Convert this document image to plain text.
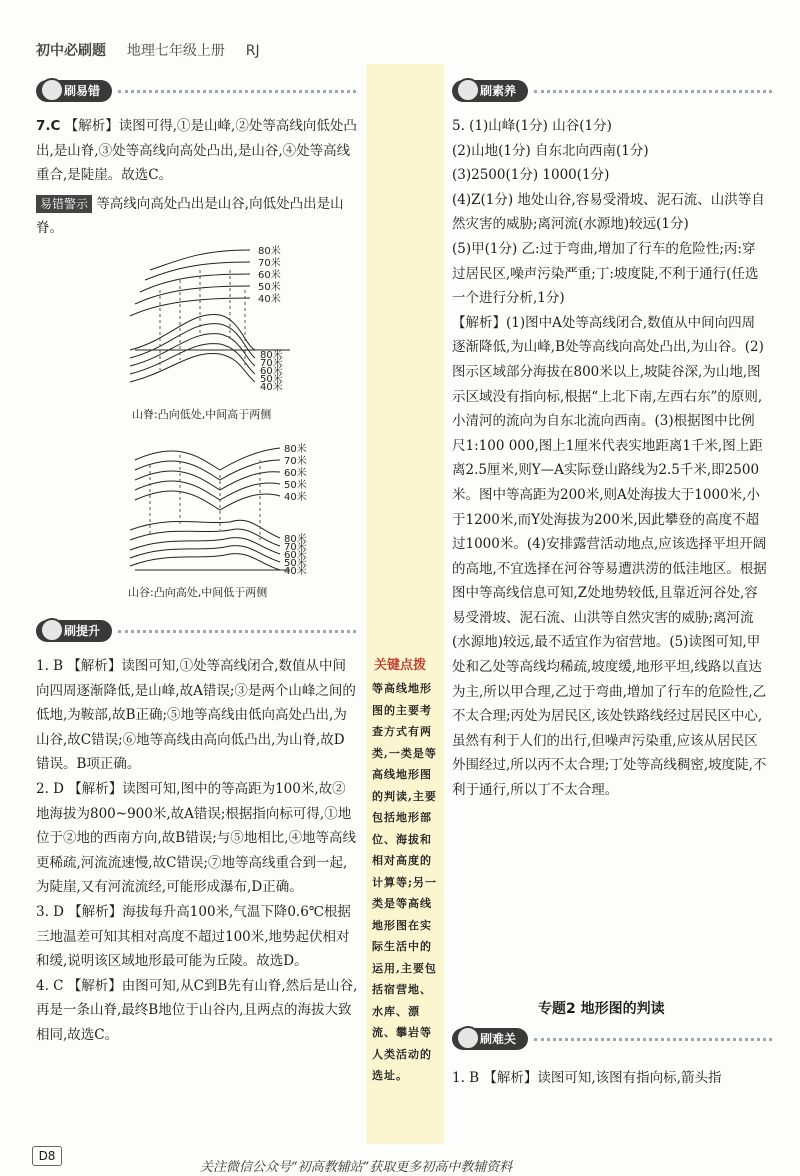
初中必刷题 地理七年级上册 RJ
关键点拨
等高线地形图的主要考查方式有两类,一类是等高线地形图的判读,主要包括地形部位、海拔和相对高度的计算等;另一类是等高线地形图在实际生活中的运用,主要包括宿营地、水库、漂流、攀岩等人类活动的选址。
刷易错

7.C 【解析】读图可得,①是山峰,②处等高线向低处凸出,是山脊,③处等高线向高处凸出,是山谷,④处等高线重合,是陡崖。故选C。

易错警示 等高线向高处凸出是山谷,向低处凸出是山脊。

80米
70米
60米
50米
40米
80米
70米
60米
50米
40米
山脊:凸向低处,中间高于两侧
80米
70米
60米
50米
40米
80米
70米
60米
50米
40米
山谷:凸向高处,中间低于两侧
刷提升

1. B 【解析】读图可知,①处等高线闭合,数值从中间向四周逐渐降低,是山峰,故A错误;③是两个山峰之间的低地,为鞍部,故B正确;⑤地等高线由低向高处凸出,为山谷,故C错误;⑥地等高线由高向低凸出,为山脊,故D错误。B项正确。

2. D 【解析】读图可知,图中的等高距为100米,故②地海拔为800~900米,故A错误;根据指向标可得,①地位于②地的西南方向,故B错误;与⑤地相比,④地等高线更稀疏,河流流速慢,故C错误;⑦地等高线重合到一起,为陡崖,又有河流流经,可能形成瀑布,D正确。

3. D 【解析】海拔每升高100米,气温下降0.6℃根据三地温差可知其相对高度不超过100米,地势起伏相对和缓,说明该区域地形最可能为丘陵。故选D。

4. C 【解析】由图可知,从C到B先有山脊,然后是山谷,再是一条山脊,最终B地位于山谷内,且两点的海拔大致相同,故选C。

刷素养

5. (1)山峰(1分) 山谷(1分)

(2)山地(1分) 自东北向西南(1分)

(3)2500(1分) 1000(1分)

(4)Z(1分) 地处山谷,容易受滑坡、泥石流、山洪等自然灾害的威胁;离河流(水源地)较远(1分)

(5)甲(1分) 乙:过于弯曲,增加了行车的危险性;丙:穿过居民区,噪声污染严重;丁:坡度陡,不利于通行(任选一个进行分析,1分)

【解析】(1)图中A处等高线闭合,数值从中间向四周逐渐降低,为山峰,B处等高线向高处凸出,为山谷。(2)图示区域部分海拔在800米以上,坡陡谷深,为山地,图示区域没有指向标,根据“上北下南,左西右东”的原则,小清河的流向为自东北流向西南。(3)根据图中比例尺1:100 000,图上1厘米代表实地距离1千米,图上距离2.5厘米,则Y—A实际登山路线为2.5千米,即2500米。图中等高距为200米,则A处海拔大于1000米,小于1200米,而Y处海拔为200米,因此攀登的高度不超过1000米。(4)安排露营活动地点,应该选择平坦开阔的高地,不宜选择在河谷等易遭洪涝的低洼地区。根据图中等高线信息可知,Z处地势较低,且靠近河谷处,容易受滑坡、泥石流、山洪等自然灾害的威胁;离河流(水源地)较远,最不适宜作为宿营地。(5)读图可知,甲处和乙处等高线均稀疏,坡度缓,地形平坦,线路以直达为主,所以甲合理,乙过于弯曲,增加了行车的危险性,乙不太合理;丙处为居民区,该处铁路线经过居民区中心,虽然有利于人们的出行,但噪声污染重,应该从居民区外围经过,所以丙不太合理;丁处等高线稠密,坡度陡,不利于通行,所以丁不太合理。

专题2 地形图的判读
刷难关

1. B 【解析】读图可知,该图有指向标,箭头指

D8
关注微信公众号“初高教辅站”获取更多初高中教辅资料
